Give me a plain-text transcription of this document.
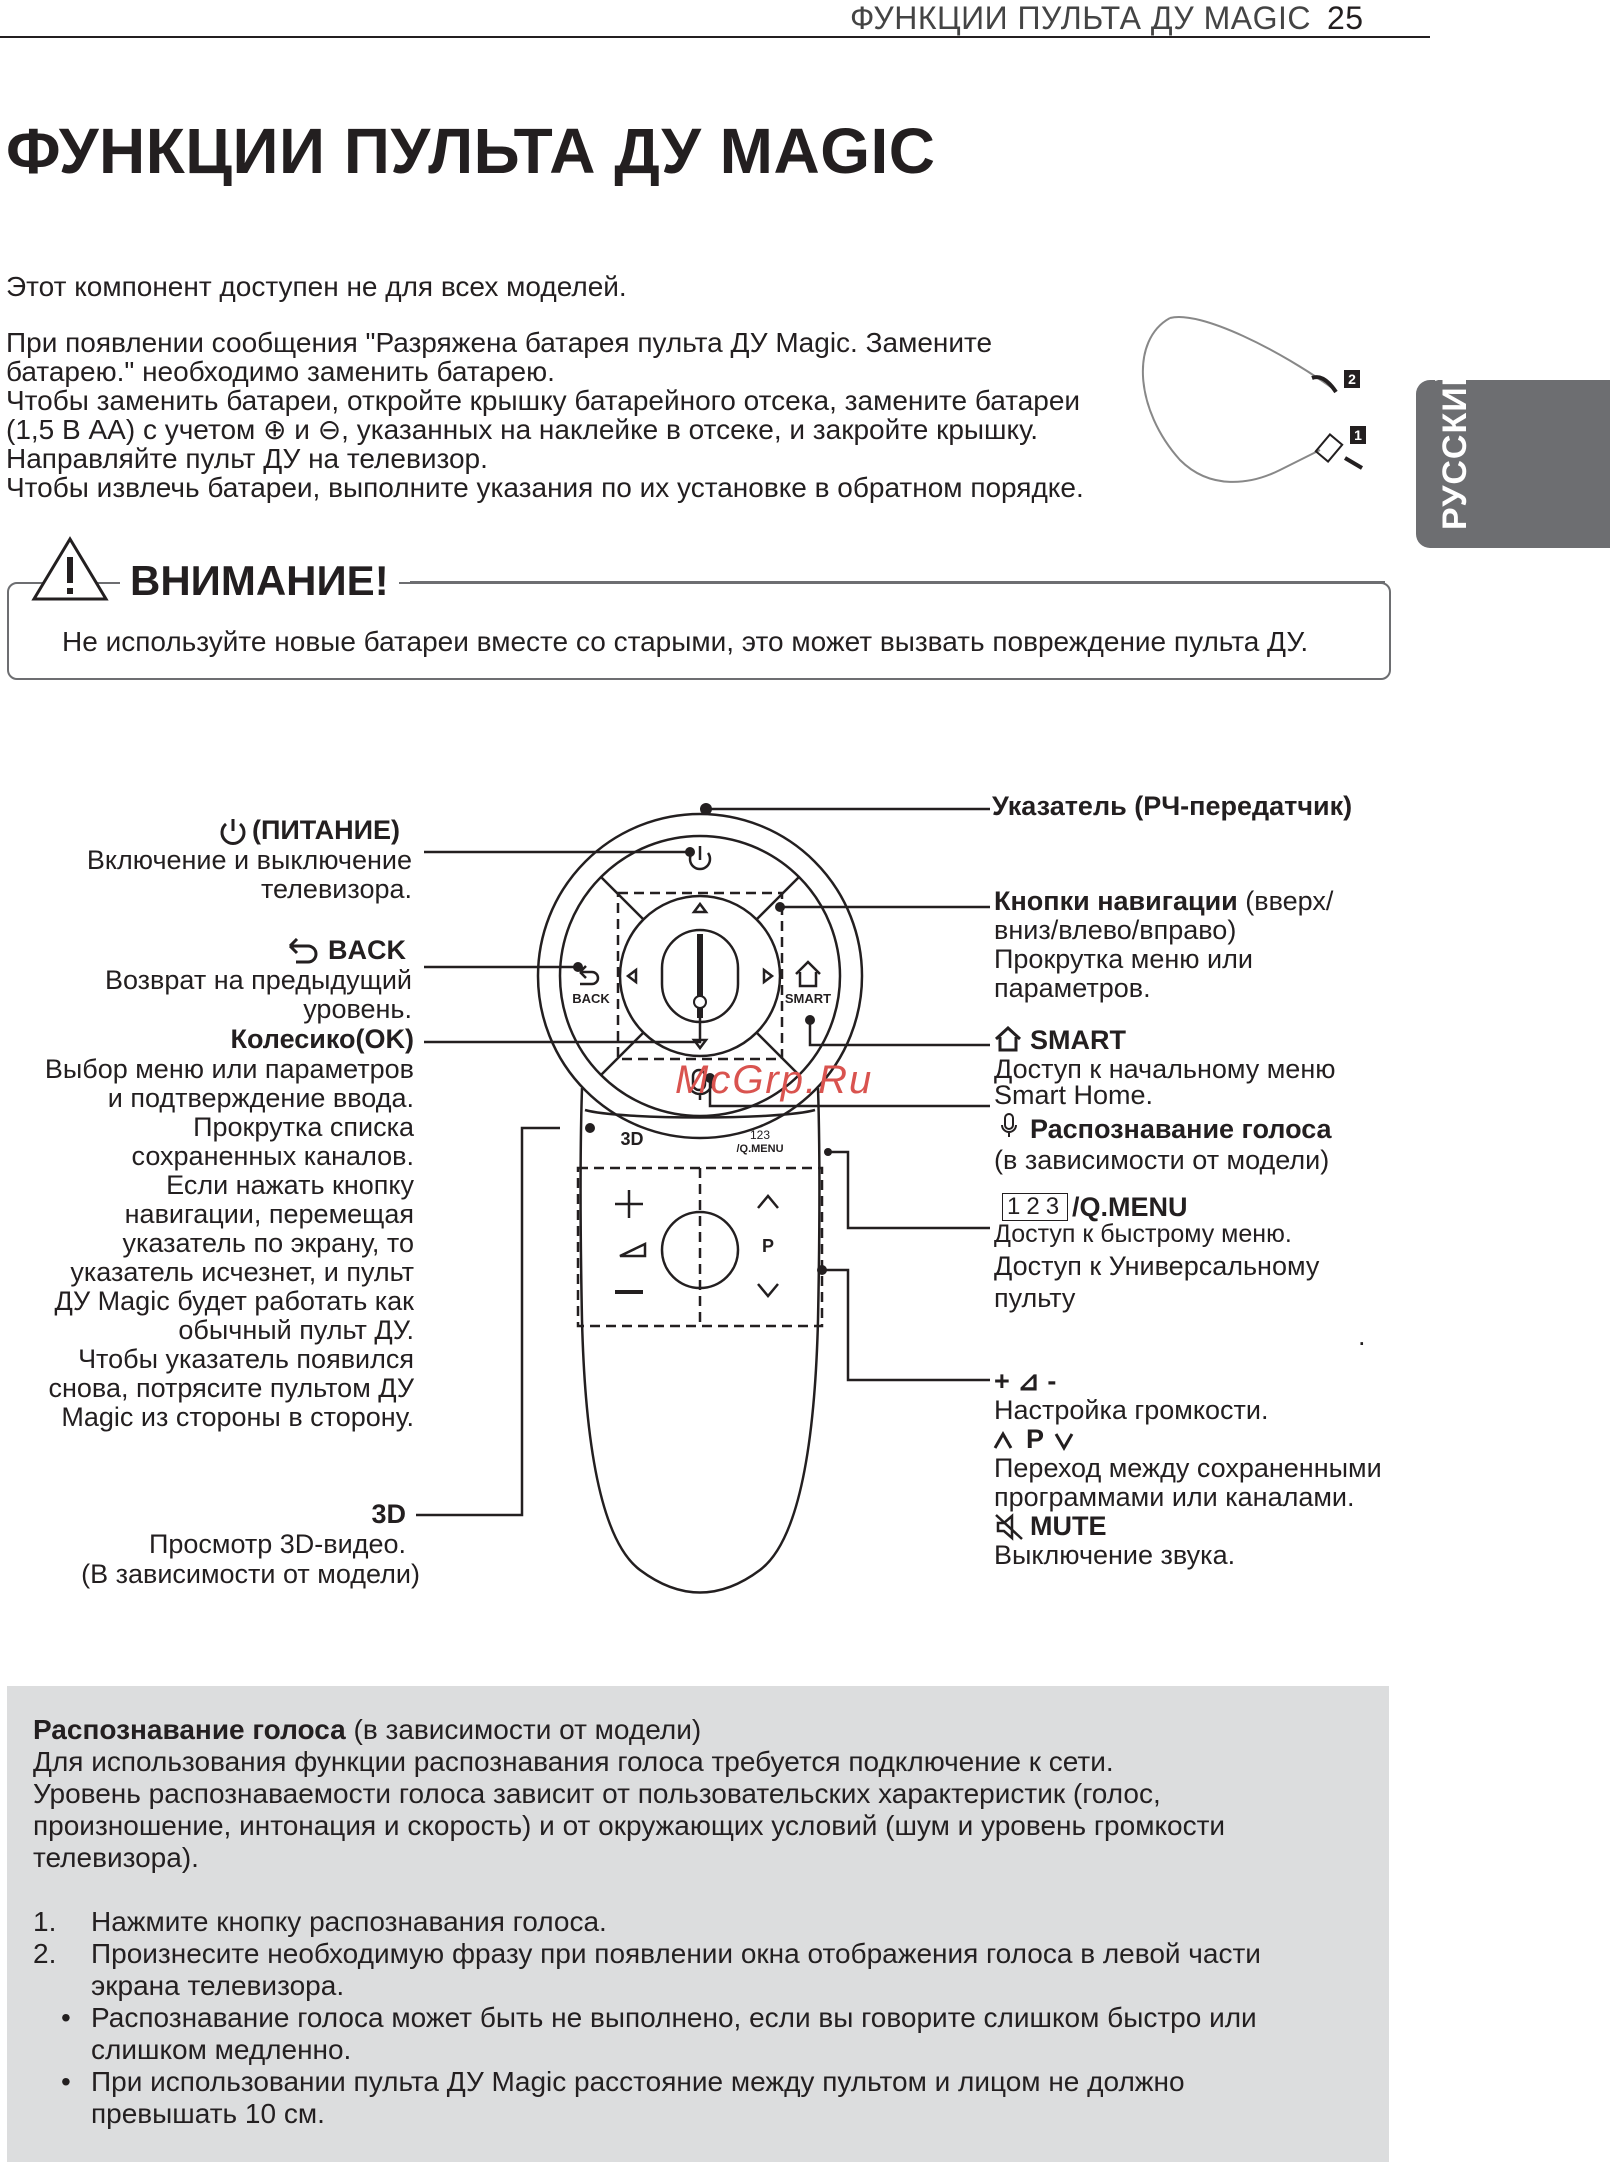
ФУНКЦИИ ПУЛЬТА ДУ MAGIC 25
ФУНКЦИИ ПУЛЬТА ДУ MAGIC
РУССКИЙ
Этот компонент доступен не для всех моделей.
При появлении сообщения "Разряжена батарея пульта ДУ Magic. Замените
батарею." необходимо заменить батарею.
Чтобы заменить батареи, откройте крышку батарейного отсека, замените батареи
(1,5 В AA) с учетом ⊕ и ⊖, указанных на наклейке в отсеке, и закройте крышку.
Направляйте пульт ДУ на телевизор.
Чтобы извлечь батареи, выполните указания по их установке в обратном порядке.
2
1
ВНИМАНИЕ!
Не используйте новые батареи вместе со старыми, это может вызвать повреждение пульта ДУ.
BACK	SMART
3D	123
/Q.MENU
P
(ПИТАНИЕ)
Включение и выключение
телевизора.
BACK
Возврат на предыдущий
уровень.
Колесико(OK)
Выбор меню или параметров
и подтверждение ввода.
Прокрутка списка
сохраненных каналов.
Если нажать кнопку
навигации, перемещая
указатель по экрану, то
указатель исчезнет, и пульт
ДУ Magic будет работать как
обычный пульт ДУ.
Чтобы указатель появился
снова, потрясите пультом ДУ
Magic из стороны в сторону.
3D
Просмотр 3D-видео.
(В зависимости от модели)
Указатель (РЧ-передатчик)
Кнопки навигации (вверх/
вниз/влево/вправо)
Прокрутка меню или
параметров.
SMART
Доступ к начальному меню
Smart Home.
Распознавание голоса
(в зависимости от модели)
123 /Q.MENU
Доступ к быстрому меню.
Доступ к Универсальному
пульту
.
+ ⊿ -
Настройка громкости.
P
Переход между сохраненными
программами или каналами.
MUTE
Выключение звука.
McGrp.Ru
Распознавание голоса (в зависимости от модели)
Для использования функции распознавания голоса требуется подключение к сети.
Уровень распознаваемости голоса зависит от пользовательских характеристик (голос,
произношение, интонация и скорость) и от окружающих условий (шум и уровень громкости
телевизора).
1. Нажмите кнопку распознавания голоса.
2. Произнесите необходимую фразу при появлении окна отображения голоса в левой части
экрана телевизора.
• Распознавание голоса может быть не выполнено, если вы говорите слишком быстро или
слишком медленно.
• При использовании пульта ДУ Magic расстояние между пультом и лицом не должно
превышать 10 см.
